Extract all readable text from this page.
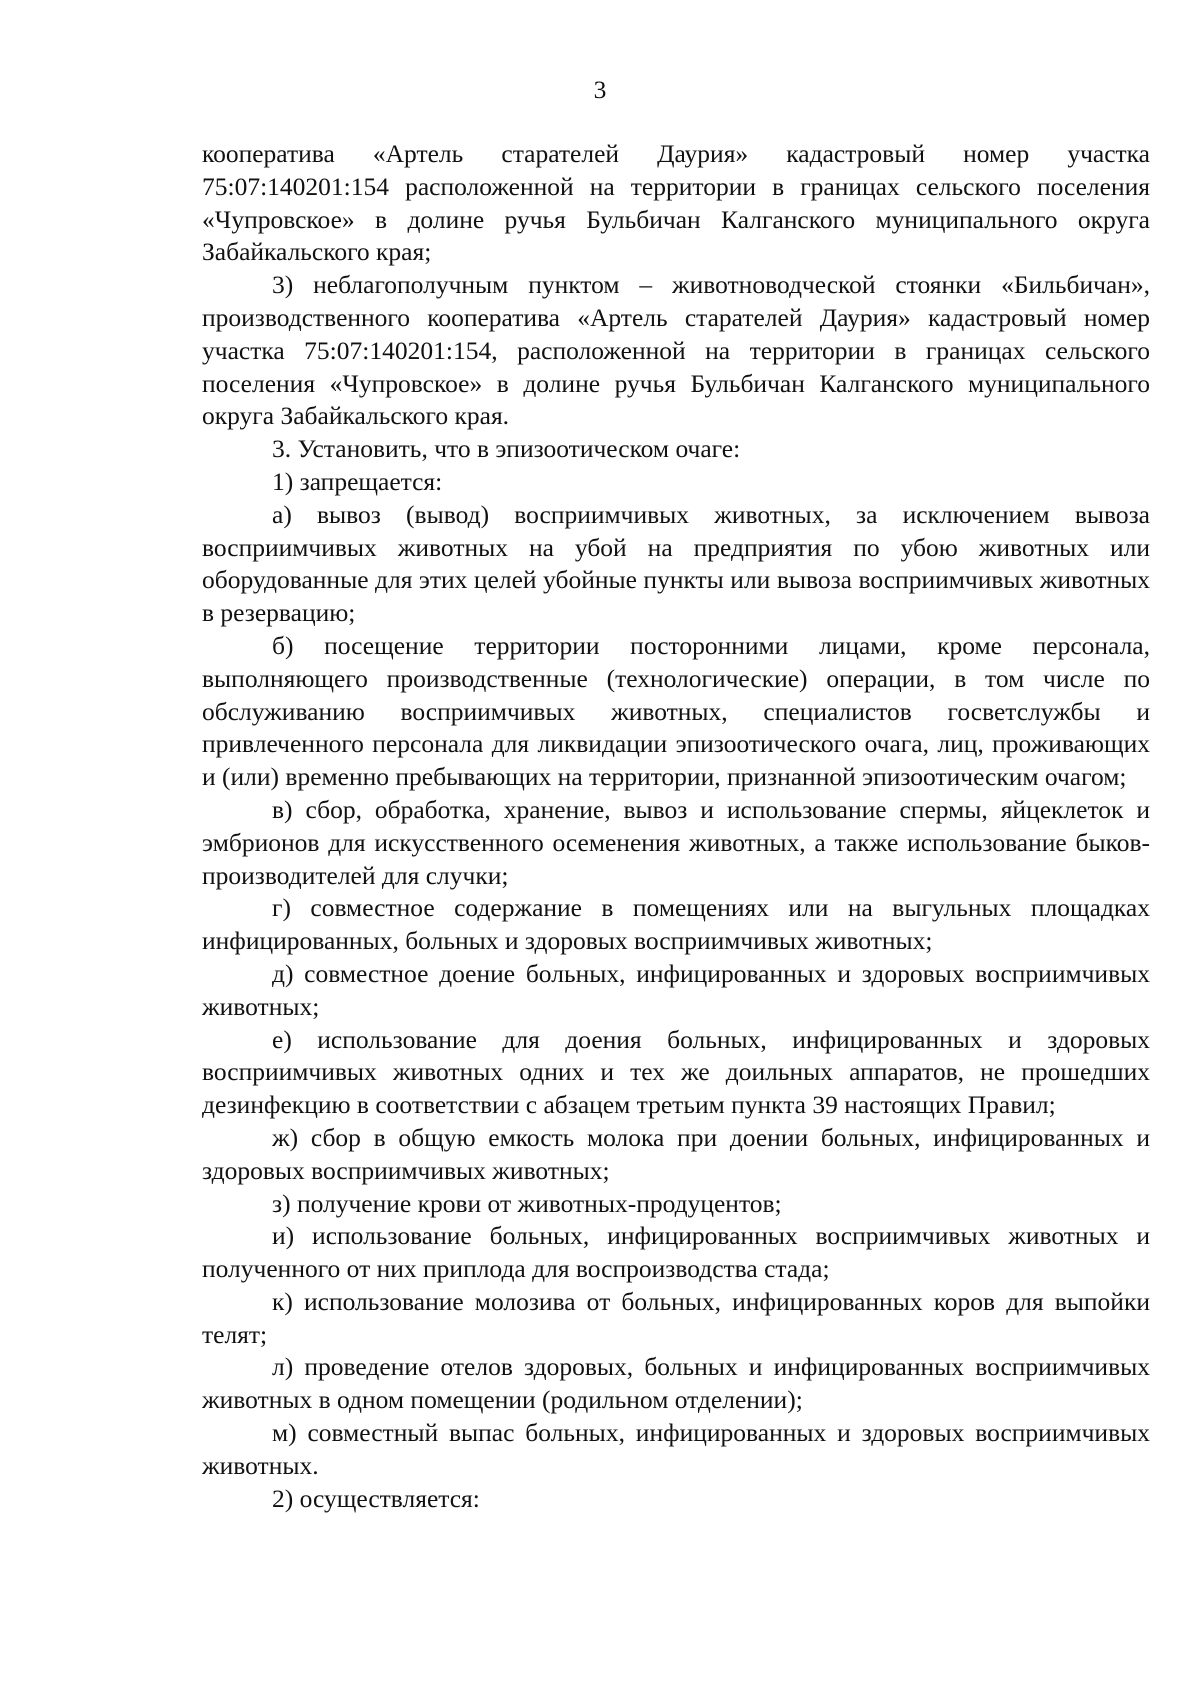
3

кооператива «Артель старателей Даурия» кадастровый номер участка 75:07:140201:154 расположенной на территории в границах сельского поселения «Чупровское» в долине ручья Бульбичан Калганского муниципального округа Забайкальского края;

3) неблагополучным пунктом – животноводческой стоянки «Бильбичан», производственного кооператива «Артель старателей Даурия» кадастровый номер участка 75:07:140201:154, расположенной на территории в границах сельского поселения «Чупровское» в долине ручья Бульбичан Калганского муниципального округа Забайкальского края.

3. Установить, что в эпизоотическом очаге:

1) запрещается:

а) вывоз (вывод) восприимчивых животных, за исключением вывоза восприимчивых животных на убой на предприятия по убою животных или оборудованные для этих целей убойные пункты или вывоза восприимчивых животных в резервацию;

б) посещение территории посторонними лицами, кроме персонала, выполняющего производственные (технологические) операции, в том числе по обслуживанию восприимчивых животных, специалистов госветслужбы и привлеченного персонала для ликвидации эпизоотического очага, лиц, проживающих и (или) временно пребывающих на территории, признанной эпизоотическим очагом;

в) сбор, обработка, хранение, вывоз и использование спермы, яйцеклеток и эмбрионов для искусственного осеменения животных, а также использование быков-производителей для случки;

г) совместное содержание в помещениях или на выгульных площадках инфицированных, больных и здоровых восприимчивых животных;

д) совместное доение больных, инфицированных и здоровых восприимчивых животных;

е) использование для доения больных, инфицированных и здоровых восприимчивых животных одних и тех же доильных аппаратов, не прошедших дезинфекцию в соответствии с абзацем третьим пункта 39 настоящих Правил;

ж) сбор в общую емкость молока при доении больных, инфицированных и здоровых восприимчивых животных;

з) получение крови от животных-продуцентов;

и) использование больных, инфицированных восприимчивых животных и полученного от них приплода для воспроизводства стада;

к) использование молозива от больных, инфицированных коров для выпойки телят;

л) проведение отелов здоровых, больных и инфицированных восприимчивых животных в одном помещении (родильном отделении);

м) совместный выпас больных, инфицированных и здоровых восприимчивых животных.

2) осуществляется:
